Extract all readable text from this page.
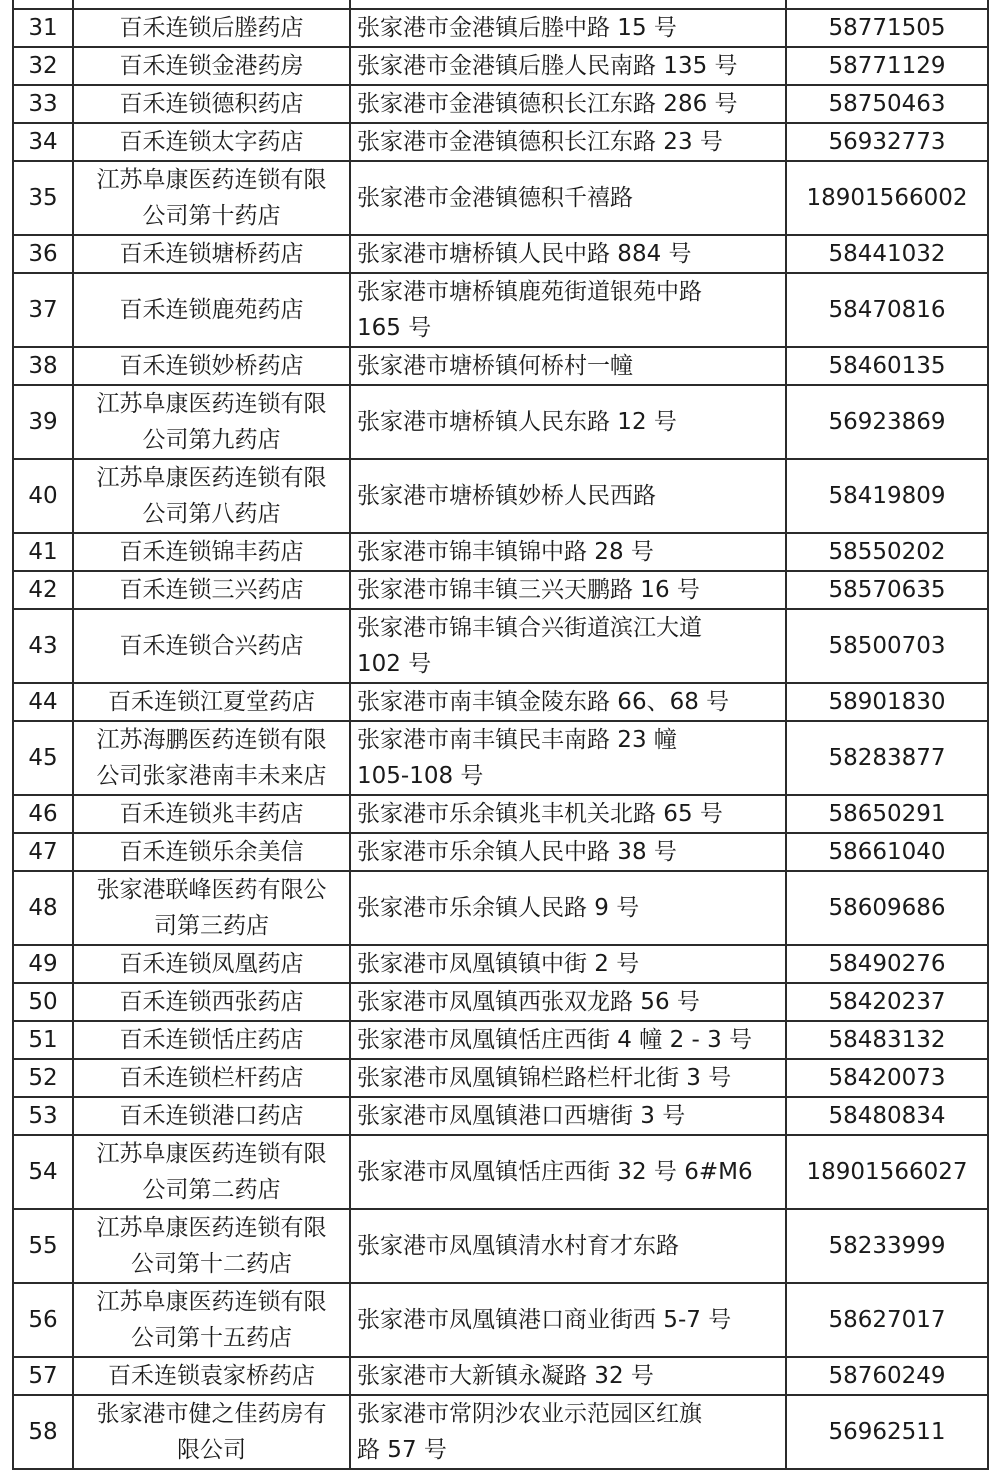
31	百禾连锁后塍药店	张家港市金港镇后塍中路 15 号	58771505

32	百禾连锁金港药房	张家港市金港镇后塍人民南路 135 号	58771129

33	百禾连锁德积药店	张家港市金港镇德积长江东路 286 号	58750463

34	百禾连锁太字药店	张家港市金港镇德积长江东路 23 号	56932773

35	江苏阜康医药连锁有限
公司第十药店	张家港市金港镇德积千禧路	18901566002

36	百禾连锁塘桥药店	张家港市塘桥镇人民中路 884 号	58441032

37	百禾连锁鹿苑药店	张家港市塘桥镇鹿苑街道银苑中路
165 号	58470816

38	百禾连锁妙桥药店	张家港市塘桥镇何桥村一幢	58460135

39	江苏阜康医药连锁有限
公司第九药店	张家港市塘桥镇人民东路 12 号	56923869

40	江苏阜康医药连锁有限
公司第八药店	张家港市塘桥镇妙桥人民西路	58419809

41	百禾连锁锦丰药店	张家港市锦丰镇锦中路 28 号	58550202

42	百禾连锁三兴药店	张家港市锦丰镇三兴天鹏路 16 号	58570635

43	百禾连锁合兴药店	张家港市锦丰镇合兴街道滨江大道
102 号	58500703

44	百禾连锁江夏堂药店	张家港市南丰镇金陵东路 66、68 号	58901830

45	江苏海鹏医药连锁有限
公司张家港南丰未来店	张家港市南丰镇民丰南路 23 幢
105-108 号	58283877

46	百禾连锁兆丰药店	张家港市乐余镇兆丰机关北路 65 号	58650291

47	百禾连锁乐余美信	张家港市乐余镇人民中路 38 号	58661040

48	张家港联峰医药有限公
司第三药店	张家港市乐余镇人民路 9 号	58609686

49	百禾连锁凤凰药店	张家港市凤凰镇镇中街 2 号	58490276

50	百禾连锁西张药店	张家港市凤凰镇西张双龙路 56 号	58420237

51	百禾连锁恬庄药店	张家港市凤凰镇恬庄西街 4 幢 2 - 3 号	58483132

52	百禾连锁栏杆药店	张家港市凤凰镇锦栏路栏杆北街 3 号	58420073

53	百禾连锁港口药店	张家港市凤凰镇港口西塘街 3 号	58480834

54	江苏阜康医药连锁有限
公司第二药店	张家港市凤凰镇恬庄西街 32 号 6#M6	18901566027

55	江苏阜康医药连锁有限
公司第十二药店	张家港市凤凰镇清水村育才东路	58233999

56	江苏阜康医药连锁有限
公司第十五药店	张家港市凤凰镇港口商业街西 5-7 号	58627017

57	百禾连锁袁家桥药店	张家港市大新镇永凝路 32 号	58760249

58	张家港市健之佳药房有
限公司	张家港市常阴沙农业示范园区红旗
路 57 号	56962511
